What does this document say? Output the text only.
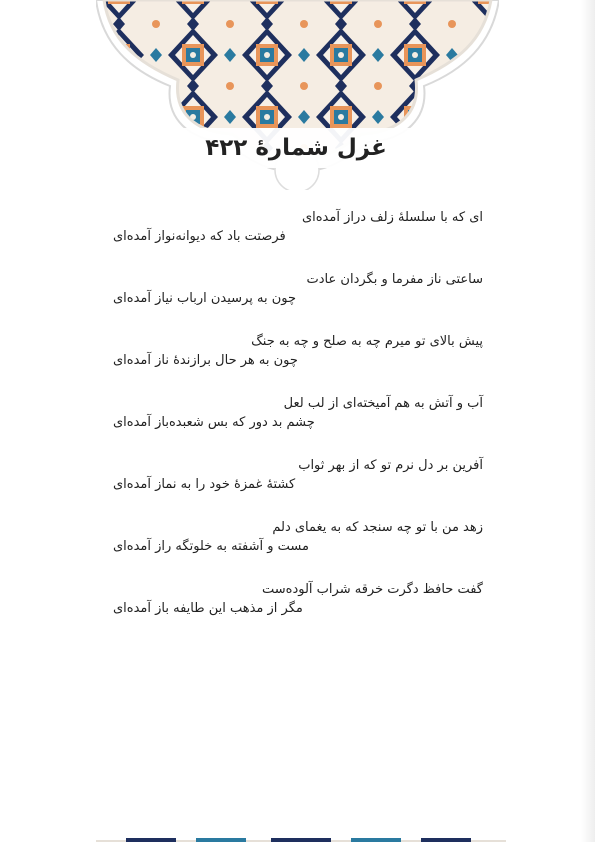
غزل شمارهٔ ۴۲۲
ای که با سلسلهٔ زلف دراز آمده‌ای
فرصتت باد که دیوانه‌نواز آمده‌ای
ساعتی ناز مفرما و بگردان عادت
چون به پرسیدن ارباب نیاز آمده‌ای
پیش بالای تو میرم چه به صلح و چه به جنگ
چون به هر حال برازندهٔ ناز آمده‌ای
آب و آتش به هم آمیخته‌ای از لب لعل
چشم بد دور که بس شعبده‌باز آمده‌ای
آفرین بر دل نرم تو که از بهر ثواب
کشتهٔ غمزهٔ خود را به نماز آمده‌ای
زهد من با تو چه سنجد که به یغمای دلم
مست و آشفته به خلوتگه راز آمده‌ای
گفت حافظ دگرت خرقه شراب آلوده‌ست
مگر از مذهب این طایفه باز آمده‌ای
